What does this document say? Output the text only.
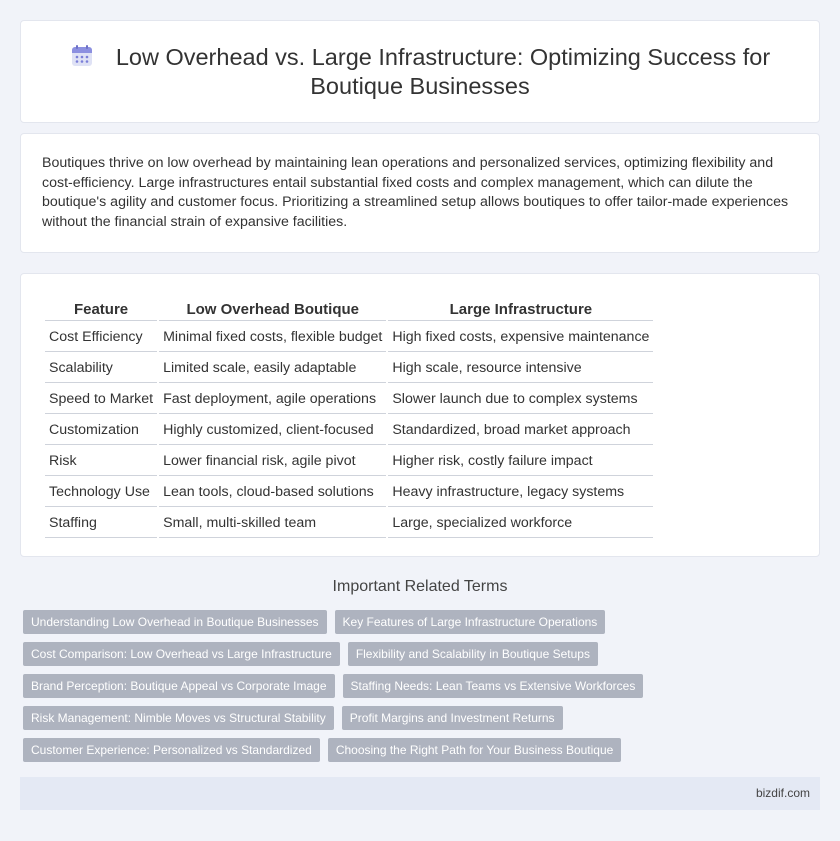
Low Overhead vs. Large Infrastructure: Optimizing Success for Boutique Businesses

Boutiques thrive on low overhead by maintaining lean operations and personalized services, optimizing flexibility and cost-efficiency. Large infrastructures entail substantial fixed costs and complex management, which can dilute the boutique's agility and customer focus. Prioritizing a streamlined setup allows boutiques to offer tailor-made experiences without the financial strain of expansive facilities.

Feature	Low Overhead Boutique	Large Infrastructure
Cost Efficiency	Minimal fixed costs, flexible budget	High fixed costs, expensive maintenance
Scalability	Limited scale, easily adaptable	High scale, resource intensive
Speed to Market	Fast deployment, agile operations	Slower launch due to complex systems
Customization	Highly customized, client-focused	Standardized, broad market approach
Risk	Lower financial risk, agile pivot	Higher risk, costly failure impact
Technology Use	Lean tools, cloud-based solutions	Heavy infrastructure, legacy systems
Staffing	Small, multi-skilled team	Large, specialized workforce
Important Related Terms
Understanding Low Overhead in Boutique Businesses	Key Features of Large Infrastructure Operations
Cost Comparison: Low Overhead vs Large Infrastructure	Flexibility and Scalability in Boutique Setups
Brand Perception: Boutique Appeal vs Corporate Image	Staffing Needs: Lean Teams vs Extensive Workforces
Risk Management: Nimble Moves vs Structural Stability	Profit Margins and Investment Returns
Customer Experience: Personalized vs Standardized	Choosing the Right Path for Your Business Boutique
bizdif.com
